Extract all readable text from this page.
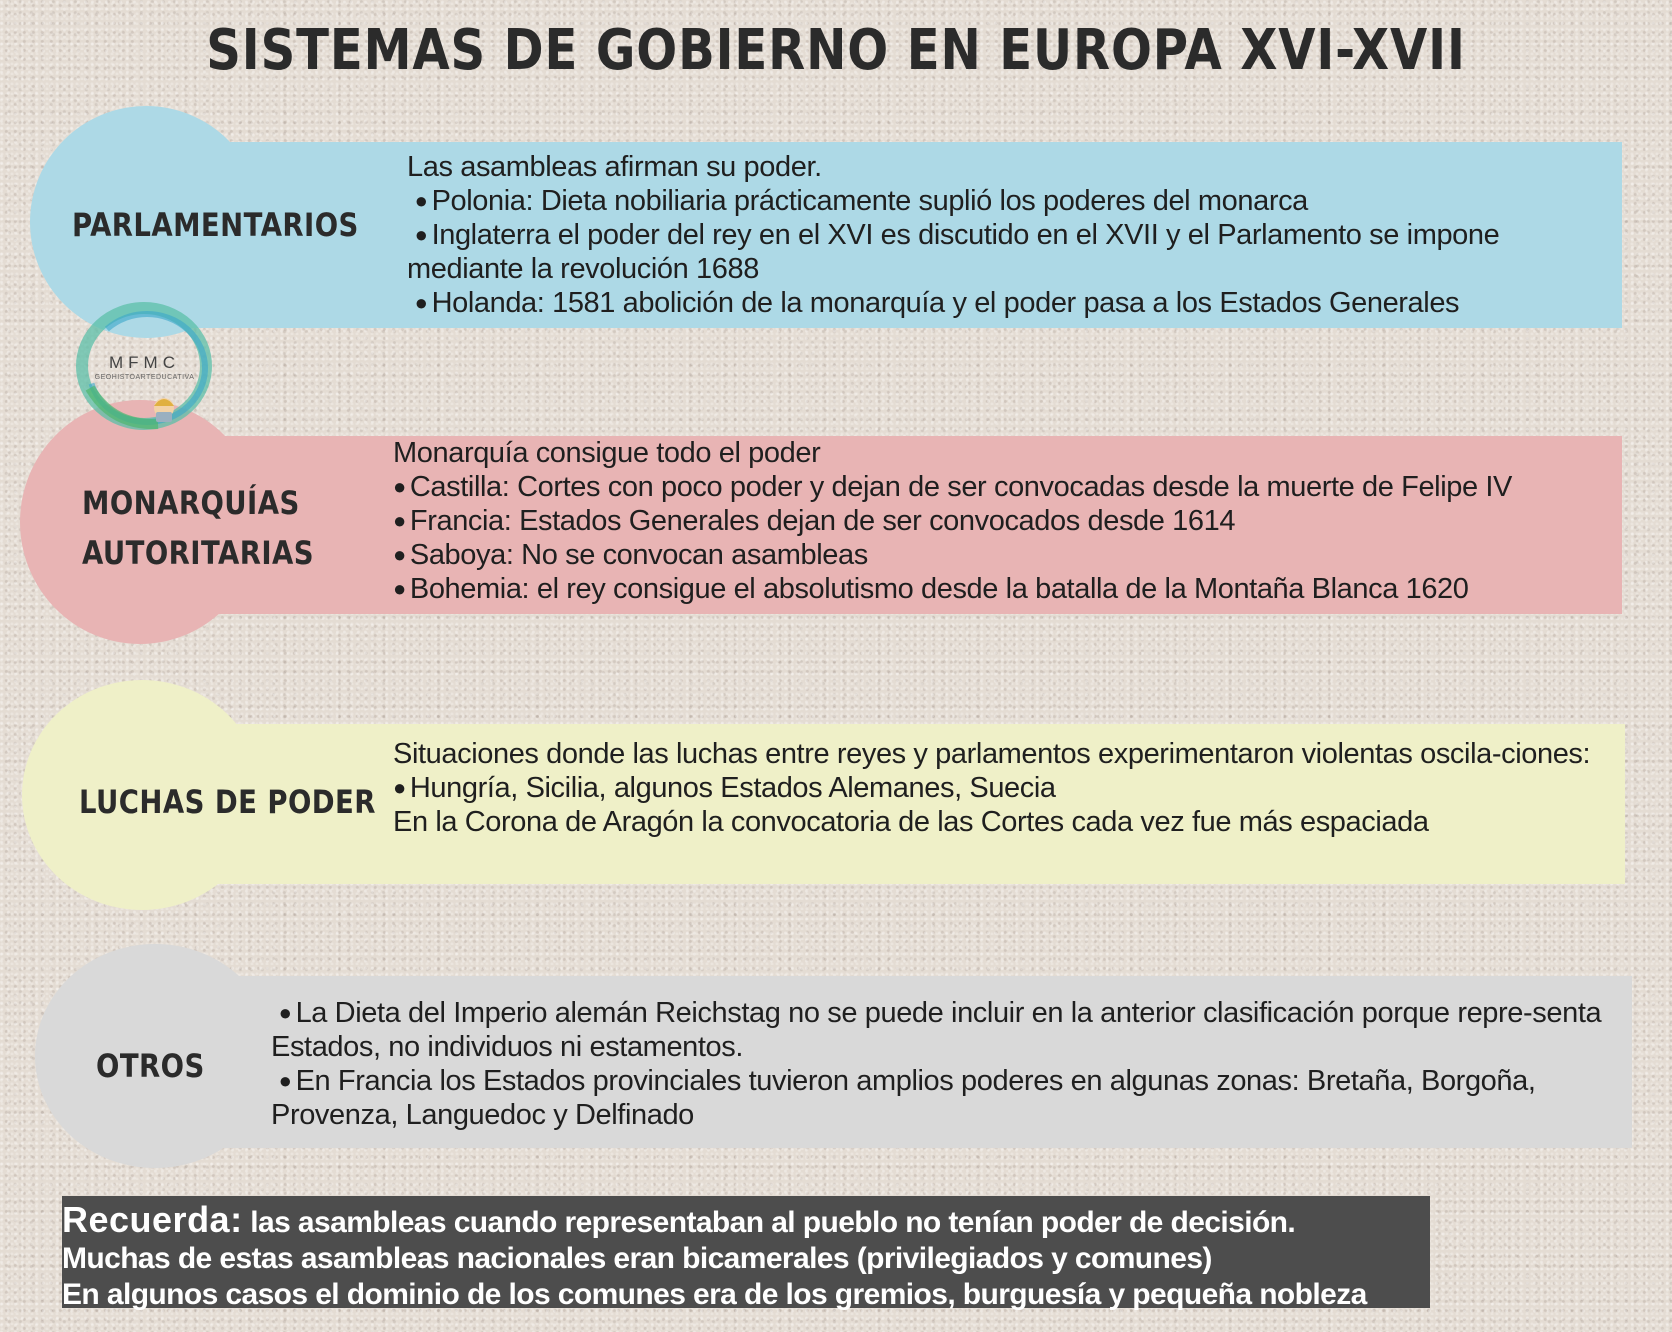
SISTEMAS DE GOBIERNO EN EUROPA XVI-XVII
PARLAMENTARIOS

Las asambleas afirman su poder.

● Polonia: Dieta nobiliaria prácticamente suplió los poderes del monarca

● Inglaterra el poder del rey en el XVI es discutido en el XVII y el Parlamento se impone mediante la revolución 1688

● Holanda: 1581 abolición de la monarquía y el poder pasa a los Estados Generales

MONARQUÍAS
AUTORITARIAS

Monarquía consigue todo el poder

● Castilla: Cortes con poco poder y dejan de ser convocadas desde la muerte de Felipe IV

● Francia: Estados Generales dejan de ser convocados desde 1614

● Saboya: No se convocan asambleas

● Bohemia: el rey consigue el absolutismo desde la batalla de la Montaña Blanca 1620

MFMC
GEOHISTOARTEDUCATIVA
LUCHAS DE PODER

Situaciones donde las luchas entre reyes y parlamentos experimentaron violentas oscila-ciones:

● Hungría, Sicilia, algunos Estados Alemanes, Suecia

En la Corona de Aragón la convocatoria de las Cortes cada vez fue más espaciada

OTROS

● La Dieta del Imperio alemán Reichstag no se puede incluir en la anterior clasificación porque repre-senta Estados, no individuos ni estamentos.

● En Francia los Estados provinciales tuvieron amplios poderes en algunas zonas: Bretaña, Borgoña, Provenza, Languedoc y Delfinado

Recuerda: las asambleas cuando representaban al pueblo no tenían poder de decisión.

Muchas de estas asambleas nacionales eran bicamerales (privilegiados y comunes)

En algunos casos el dominio de los comunes era de los gremios, burguesía y pequeña nobleza
